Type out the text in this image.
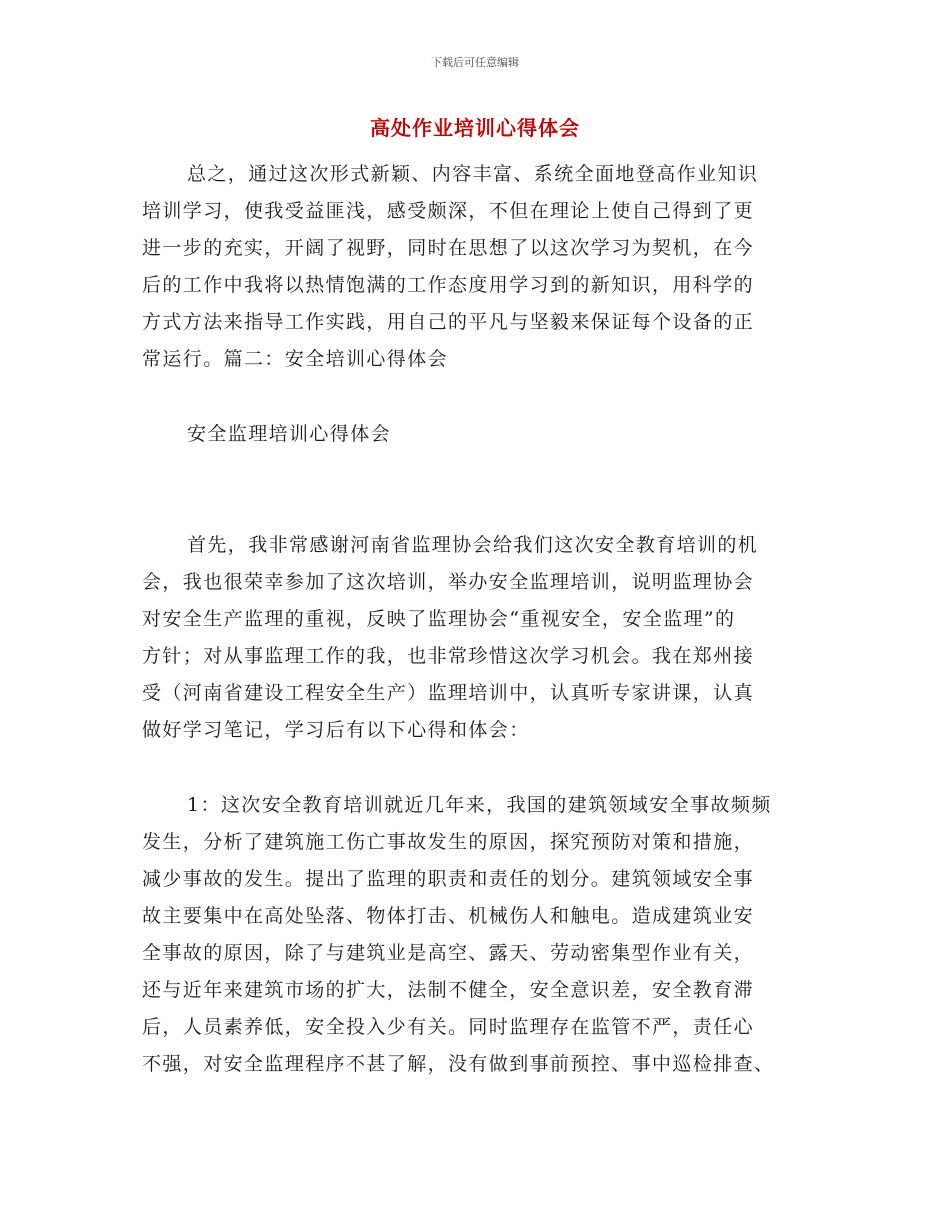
下载后可任意编辑
高处作业培训心得体会
总之，通过这次形式新颖、内容丰富、系统全面地登高作业知识
培训学习，使我受益匪浅，感受颇深，不但在理论上使自己得到了更
进一步的充实，开阔了视野，同时在思想了以这次学习为契机，在今
后的工作中我将以热情饱满的工作态度用学习到的新知识，用科学的
方式方法来指导工作实践，用自己的平凡与坚毅来保证每个设备的正
常运行。篇二：安全培训心得体会
安全监理培训心得体会
首先，我非常感谢河南省监理协会给我们这次安全教育培训的机
会，我也很荣幸参加了这次培训，举办安全监理培训，说明监理协会
对安全生产监理的重视，反映了监理协会“重视安全，安全监理”的
方针；对从事监理工作的我，也非常珍惜这次学习机会。我在郑州接
受（河南省建设工程安全生产）监理培训中，认真听专家讲课，认真
做好学习笔记，学习后有以下心得和体会：
1：这次安全教育培训就近几年来，我国的建筑领域安全事故频频
发生，分析了建筑施工伤亡事故发生的原因，探究预防对策和措施，
减少事故的发生。提出了监理的职责和责任的划分。建筑领域安全事
故主要集中在高处坠落、物体打击、机械伤人和触电。造成建筑业安
全事故的原因，除了与建筑业是高空、露天、劳动密集型作业有关，
还与近年来建筑市场的扩大，法制不健全，安全意识差，安全教育滞
后，人员素养低，安全投入少有关。同时监理存在监管不严，责任心
不强，对安全监理程序不甚了解，没有做到事前预控、事中巡检排查、
